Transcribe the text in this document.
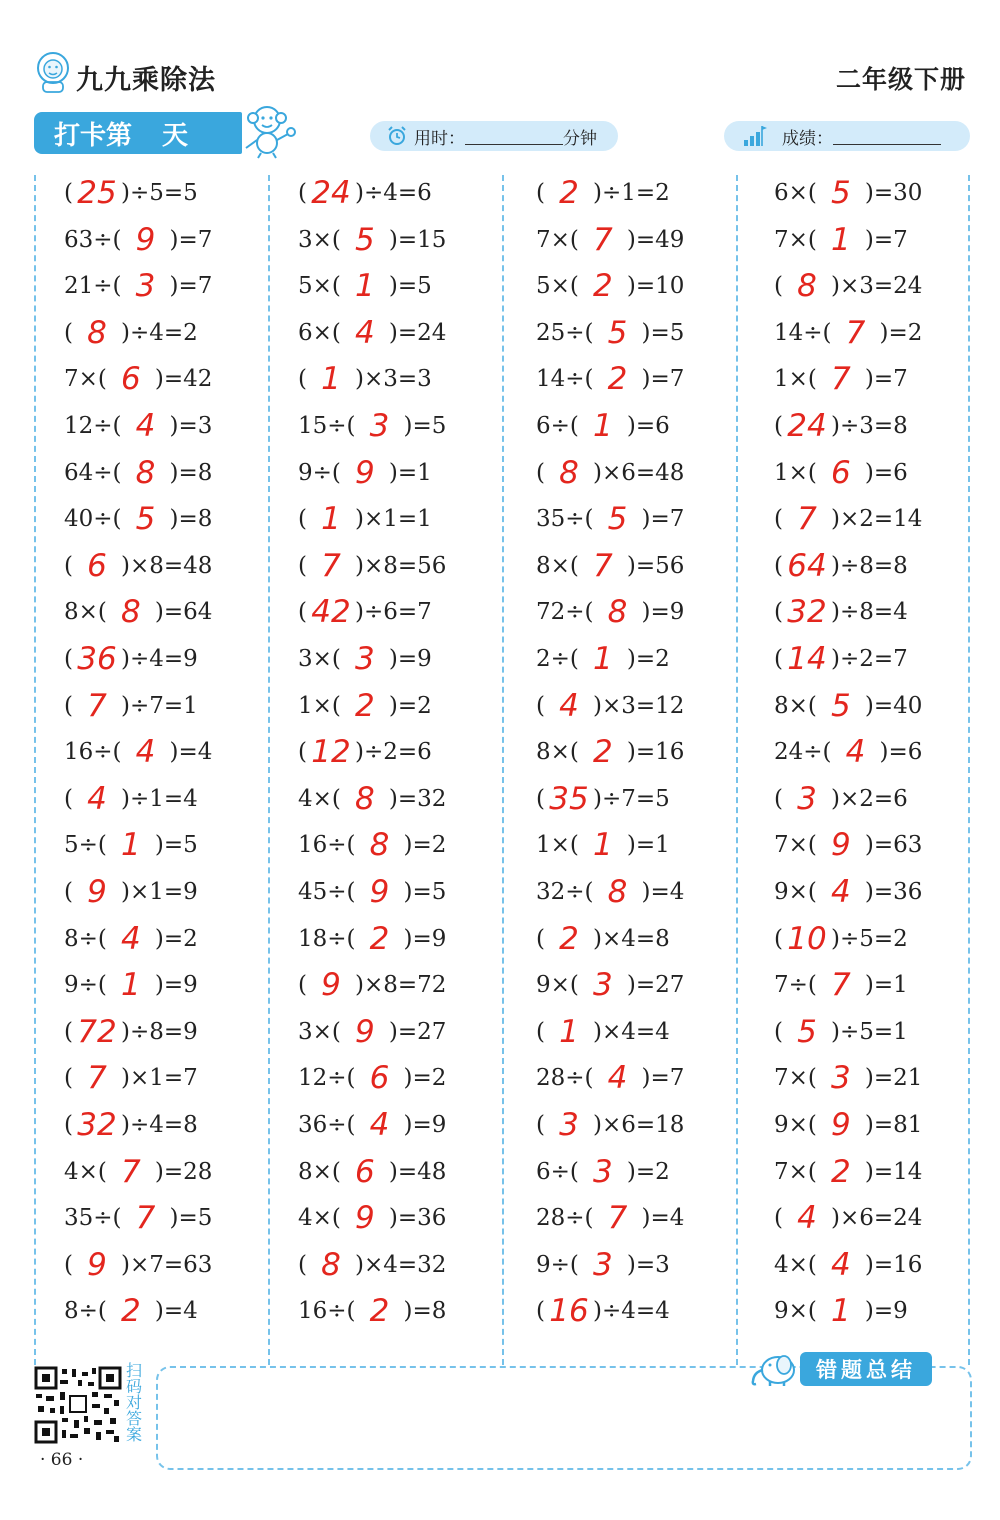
九九乘除法	二年级下册
打卡第 天	用时：	分钟	成绩：
( 25 )÷5=5
63÷( 9 )=7
21÷( 3 )=7
( 8 )÷4=2
7×( 6 )=42
12÷( 4 )=3
64÷( 8 )=8
40÷( 5 )=8
( 6 )×8=48
8×( 8 )=64
( 36 )÷4=9
( 7 )÷7=1
16÷( 4 )=4
( 4 )÷1=4
5÷( 1 )=5
( 9 )×1=9
8÷( 4 )=2
9÷( 1 )=9
( 72 )÷8=9
( 7 )×1=7
( 32 )÷4=8
4×( 7 )=28
35÷( 7 )=5
( 9 )×7=63
8÷( 2 )=4
( 24 )÷4=6
3×( 5 )=15
5×( 1 )=5
6×( 4 )=24
( 1 )×3=3
15÷( 3 )=5
9÷( 9 )=1
( 1 )×1=1
( 7 )×8=56
( 42 )÷6=7
3×( 3 )=9
1×( 2 )=2
( 12 )÷2=6
4×( 8 )=32
16÷( 8 )=2
45÷( 9 )=5
18÷( 2 )=9
( 9 )×8=72
3×( 9 )=27
12÷( 6 )=2
36÷( 4 )=9
8×( 6 )=48
4×( 9 )=36
( 8 )×4=32
16÷( 2 )=8
( 2 )÷1=2
7×( 7 )=49
5×( 2 )=10
25÷( 5 )=5
14÷( 2 )=7
6÷( 1 )=6
( 8 )×6=48
35÷( 5 )=7
8×( 7 )=56
72÷( 8 )=9
2÷( 1 )=2
( 4 )×3=12
8×( 2 )=16
( 35 )÷7=5
1×( 1 )=1
32÷( 8 )=4
( 2 )×4=8
9×( 3 )=27
( 1 )×4=4
28÷( 4 )=7
( 3 )×6=18
6÷( 3 )=2
28÷( 7 )=4
9÷( 3 )=3
( 16 )÷4=4
6×( 5 )=30
7×( 1 )=7
( 8 )×3=24
14÷( 7 )=2
1×( 7 )=7
( 24 )÷3=8
1×( 6 )=6
( 7 )×2=14
( 64 )÷8=8
( 32 )÷8=4
( 14 )÷2=7
8×( 5 )=40
24÷( 4 )=6
( 3 )×2=6
7×( 9 )=63
9×( 4 )=36
( 10 )÷5=2
7÷( 7 )=1
( 5 )÷5=1
7×( 3 )=21
9×( 9 )=81
7×( 2 )=14
( 4 )×6=24
4×( 4 )=16
9×( 1 )=9
扫码对答案
· 66 ·
错题总结
